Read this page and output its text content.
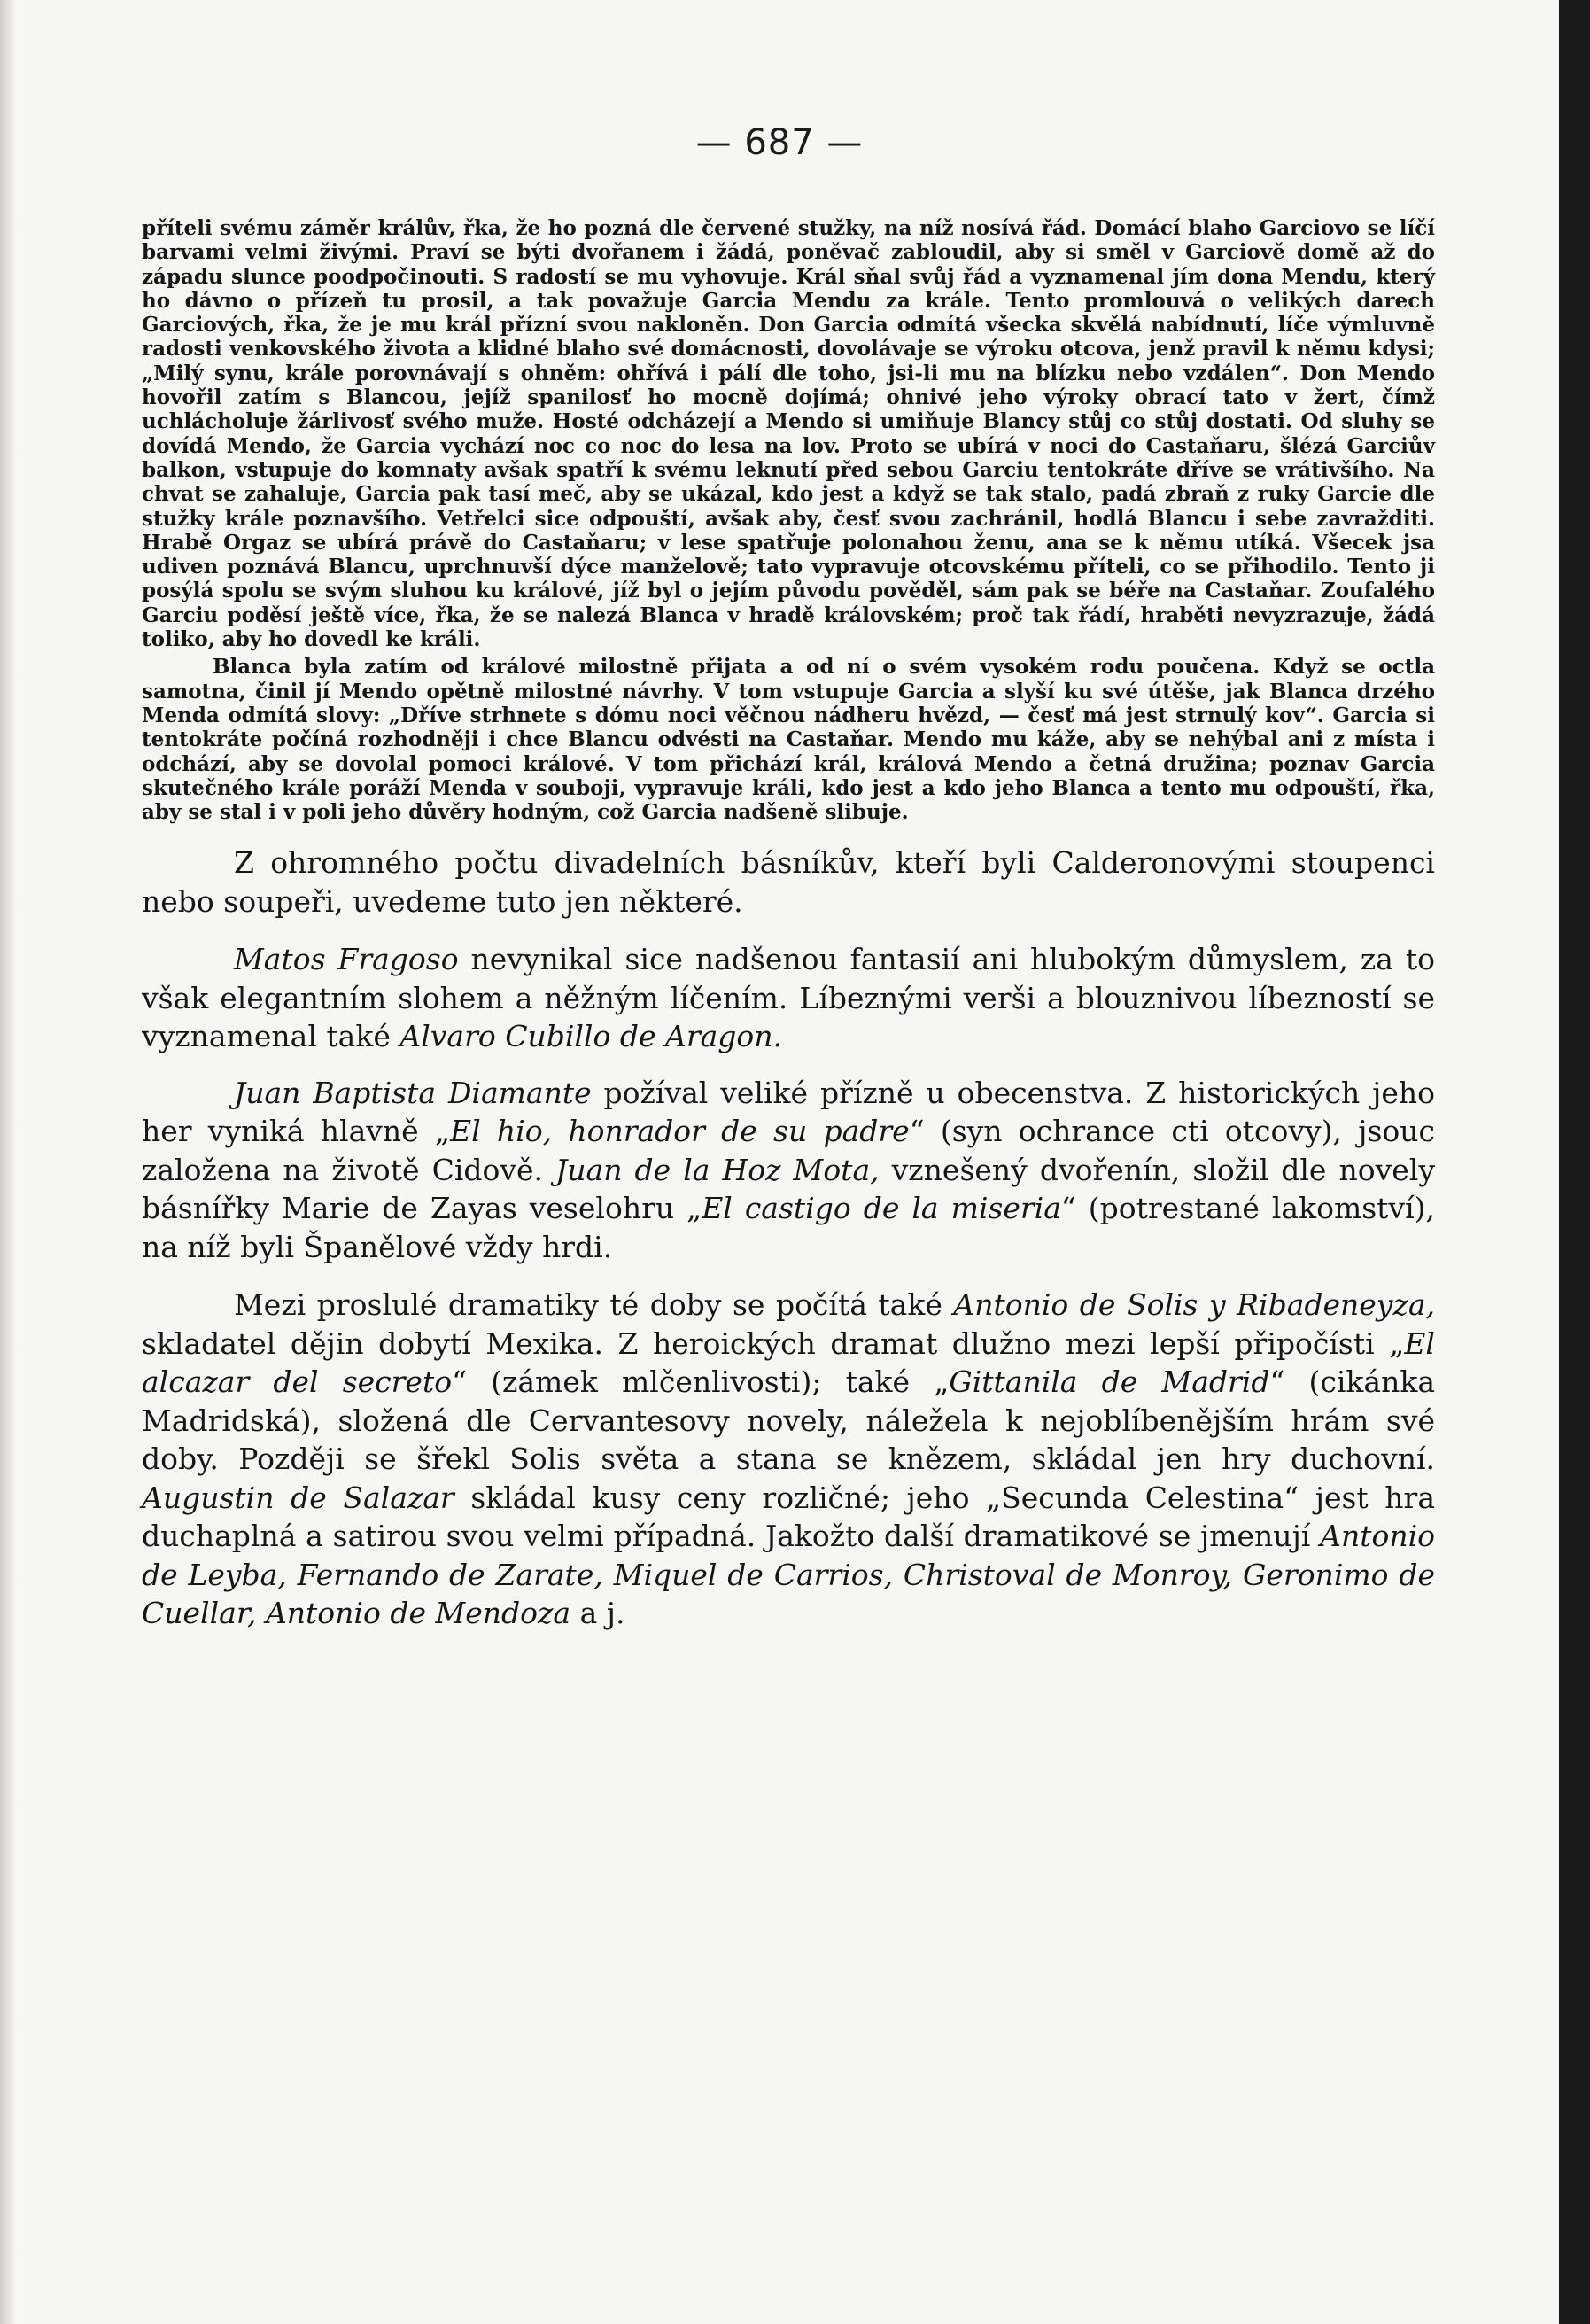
— 687 —

příteli svému záměr králův, řka, že ho pozná dle červené stužky, na níž nosívá řád. Domácí blaho Garciovo se líčí barvami velmi živými. Praví se býti dvořanem i žádá, poněvač zabloudil, aby si směl v Garciově domě až do západu slunce poodpočinouti. S radostí se mu vyhovuje. Král sňal svůj řád a vyznamenal jím dona Mendu, který ho dávno o přízeň tu prosil, a tak považuje Garcia Mendu za krále. Tento promlouvá o velikých darech Garciových, řka, že je mu král přízní svou nakloněn. Don Garcia odmítá všecka skvělá nabídnutí, líče výmluvně radosti venkovského života a klidné blaho své domácnosti, dovolávaje se výroku otcova, jenž pravil k němu kdysi; „Milý synu, krále porovnávají s ohněm: ohřívá i pálí dle toho, jsi-li mu na blízku nebo vzdálen“. Don Mendo hovořil zatím s Blancou, jejíž spanilosť ho mocně dojímá; ohnivé jeho výroky obrací tato v žert, čímž uchlácholuje žárlivosť svého muže. Hosté odcházejí a Mendo si umiňuje Blancy stůj co stůj dostati. Od sluhy se dovídá Mendo, že Garcia vychází noc co noc do lesa na lov. Proto se ubírá v noci do Castaňaru, šlézá Garciův balkon, vstupuje do komnaty avšak spatří k svému leknutí před sebou Garciu tentokráte dříve se vrátivšího. Na chvat se zahaluje, Garcia pak tasí meč, aby se ukázal, kdo jest a když se tak stalo, padá zbraň z ruky Garcie dle stužky krále poznavšího. Vetřelci sice odpouští, avšak aby, česť svou zachránil, hodlá Blancu i sebe zavražditi. Hrabě Orgaz se ubírá právě do Castaňaru; v lese spatřuje polonahou ženu, ana se k němu utíká. Všecek jsa udiven poznává Blancu, uprchnuvší dýce manželově; tato vypravuje otcovskému příteli, co se přihodilo. Tento ji posýlá spolu se svým sluhou ku králové, jíž byl o jejím původu pověděl, sám pak se béře na Castaňar. Zoufalého Garciu poděsí ještě více, řka, že se nalezá Blanca v hradě královském; proč tak řádí, hraběti nevyzrazuje, žádá toliko, aby ho dovedl ke králi.

Blanca byla zatím od králové milostně přijata a od ní o svém vysokém rodu poučena. Když se octla samotna, činil jí Mendo opětně milostné návrhy. V tom vstupuje Garcia a slyší ku své útěše, jak Blanca drzého Menda odmítá slovy: „Dříve strhnete s dómu noci věčnou nádheru hvězd, — česť má jest strnulý kov“. Garcia si tentokráte počíná rozhodněji i chce Blancu odvésti na Castaňar. Mendo mu káže, aby se nehýbal ani z místa i odchází, aby se dovolal pomoci králové. V tom přichází král, králová Mendo a četná družina; poznav Garcia skutečného krále poráží Menda v souboji, vypravuje králi, kdo jest a kdo jeho Blanca a tento mu odpouští, řka, aby se stal i v poli jeho důvěry hodným, což Garcia nadšeně slibuje.

Z ohromného počtu divadelních básníkův, kteří byli Calderonovými stoupenci nebo soupeři, uvedeme tuto jen některé.

Matos Fragoso nevynikal sice nadšenou fantasií ani hlubokým důmyslem, za to však elegantním slohem a něžným líčením. Líbeznými verši a blouznivou líbezností se vyznamenal také Alvaro Cubillo de Aragon.

Juan Baptista Diamante požíval veliké přízně u obecenstva. Z historických jeho her vyniká hlavně „El hio, honrador de su padre“ (syn ochrance cti otcovy), jsouc založena na životě Cidově. Juan de la Hoz Mota, vznešený dvořenín, složil dle novely básnířky Marie de Zayas veselohru „El castigo de la miseria“ (potrestané lakomství), na níž byli Španělové vždy hrdi.

Mezi proslulé dramatiky té doby se počítá také Antonio de Solis y Ribadeneyza, skladatel dějin dobytí Mexika. Z heroických dramat dlužno mezi lepší připočísti „El alcazar del secreto“ (zámek mlčenlivosti); také „Gittanila de Madrid“ (cikánka Madridská), složená dle Cervantesovy novely, náležela k nejoblíbenějším hrám své doby. Později se šřekl Solis světa a stana se knězem, skládal jen hry duchovní. Augustin de Salazar skládal kusy ceny rozličné; jeho „Secunda Celestina“ jest hra duchaplná a satirou svou velmi případná. Jakožto další dramatikové se jmenují Antonio de Leyba, Fernando de Zarate, Miquel de Carrios, Christoval de Monroy, Geronimo de Cuellar, Antonio de Mendoza a j.
